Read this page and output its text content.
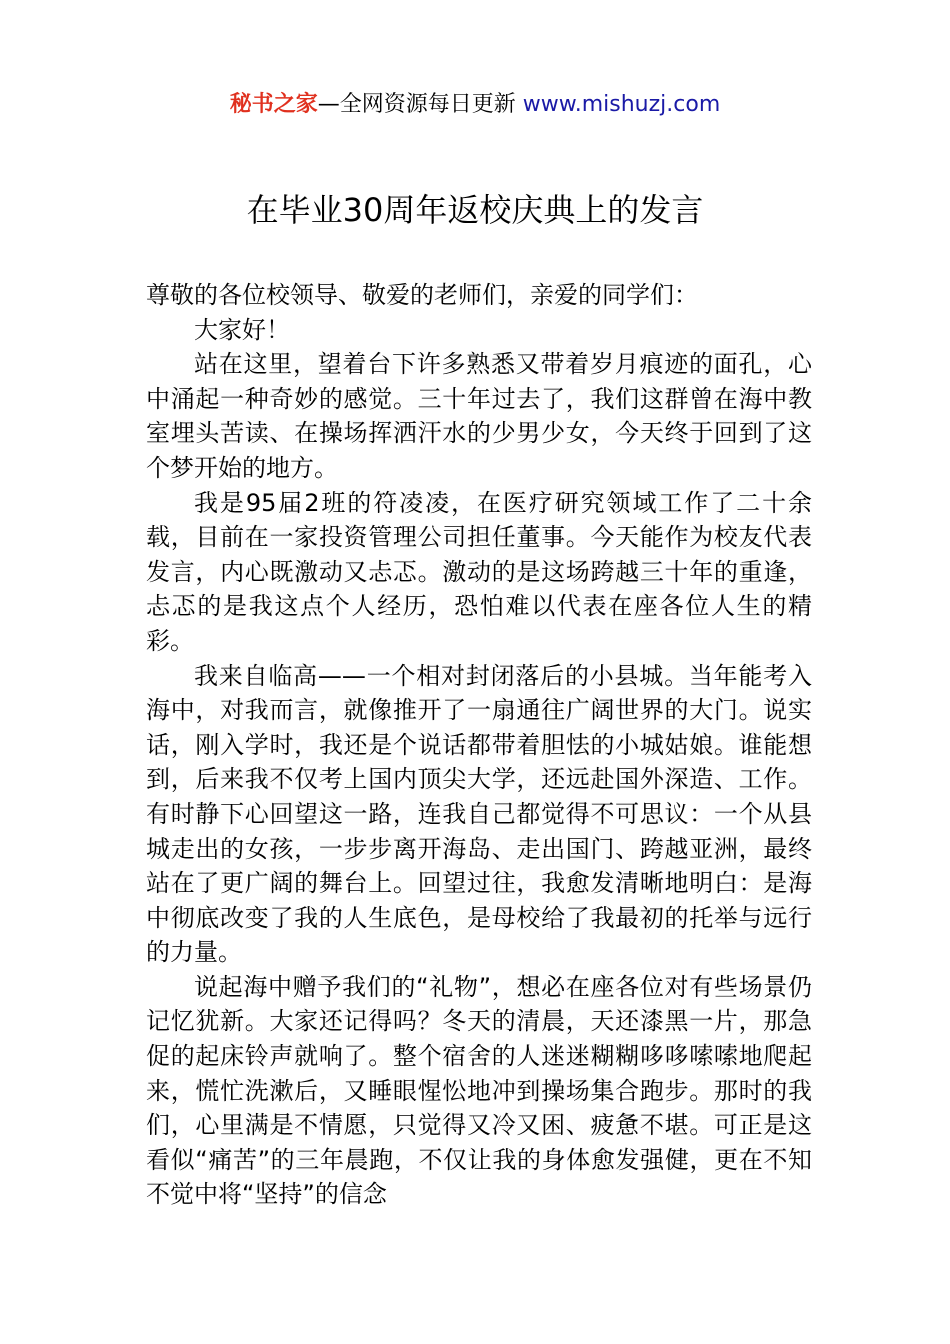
秘书之家—全网资源每日更新 www.mishuzj.com
在毕业30周年返校庆典上的发言

尊敬的各位校领导、敬爱的老师们，亲爱的同学们：

大家好！

站在这里，望着台下许多熟悉又带着岁月痕迹的面孔，心中涌起一种奇妙的感觉。三十年过去了，我们这群曾在海中教室埋头苦读、在操场挥洒汗水的少男少女，今天终于回到了这个梦开始的地方。

我是95届2班的符凌凌，在医疗研究领域工作了二十余载，目前在一家投资管理公司担任董事。今天能作为校友代表发言，内心既激动又忐忑。激动的是这场跨越三十年的重逢，忐忑的是我这点个人经历，恐怕难以代表在座各位人生的精彩。

我来自临高——一个相对封闭落后的小县城。当年能考入海中，对我而言，就像推开了一扇通往广阔世界的大门。说实话，刚入学时，我还是个说话都带着胆怯的小城姑娘。谁能想到，后来我不仅考上国内顶尖大学，还远赴国外深造、工作。有时静下心回望这一路，连我自己都觉得不可思议：一个从县城走出的女孩，一步步离开海岛、走出国门、跨越亚洲，最终站在了更广阔的舞台上。回望过往，我愈发清晰地明白：是海中彻底改变了我的人生底色，是母校给了我最初的托举与远行的力量。

说起海中赠予我们的“礼物”，想必在座各位对有些场景仍记忆犹新。大家还记得吗？冬天的清晨，天还漆黑一片，那急促的起床铃声就响了。整个宿舍的人迷迷糊糊哆哆嗦嗦地爬起来，慌忙洗漱后，又睡眼惺忪地冲到操场集合跑步。那时的我们，心里满是不情愿，只觉得又冷又困、疲惫不堪。可正是这看似“痛苦”的三年晨跑，不仅让我的身体愈发强健，更在不知不觉中将“坚持”的信念
